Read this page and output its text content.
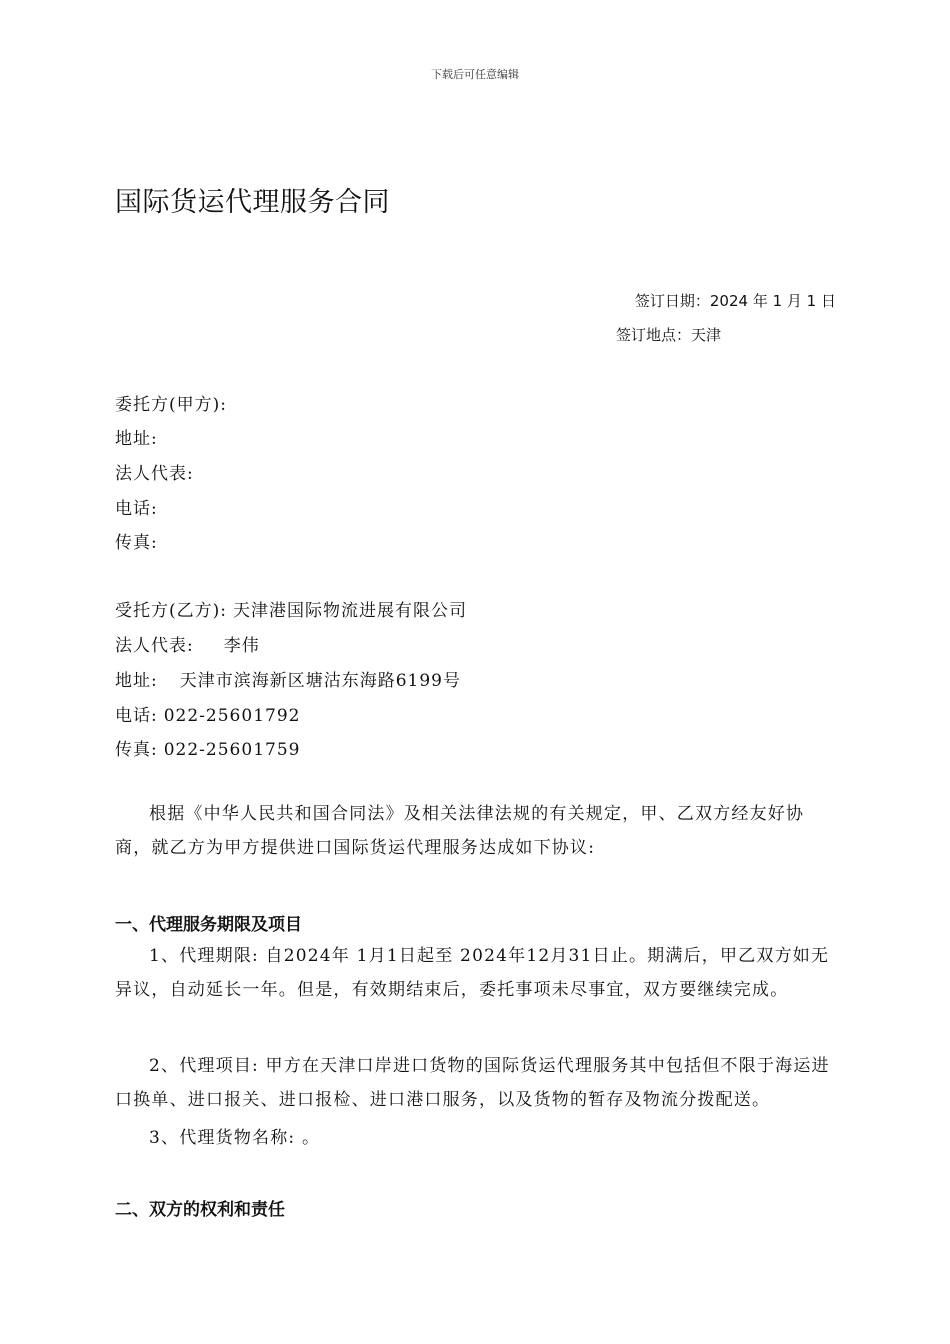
下载后可任意编辑
国际货运代理服务合同
签订日期：2024 年 1 月 1 日
签订地点：天津
委托方(甲方):
地址:
法人代表:
电话:
传真:
受托方(乙方): 天津港国际物流进展有限公司
法人代表: 李伟
地址: 天津市滨海新区塘沽东海路6199号
电话: 022-25601792
传真: 022-25601759

根据《中华人民共和国合同法》及相关法律法规的有关规定，甲、乙双方经友好协商，就乙方为甲方提供进口国际货运代理服务达成如下协议:

一、代理服务期限及项目

1、代理期限: 自2024年 1月1日起至 2024年12月31日止。期满后，甲乙双方如无异议，自动延长一年。但是，有效期结束后，委托事项未尽事宜，双方要继续完成。

2、代理项目: 甲方在天津口岸进口货物的国际货运代理服务其中包括但不限于海运进口换单、进口报关、进口报检、进口港口服务，以及货物的暂存及物流分拨配送。

3、代理货物名称: 。

二、双方的权利和责任
